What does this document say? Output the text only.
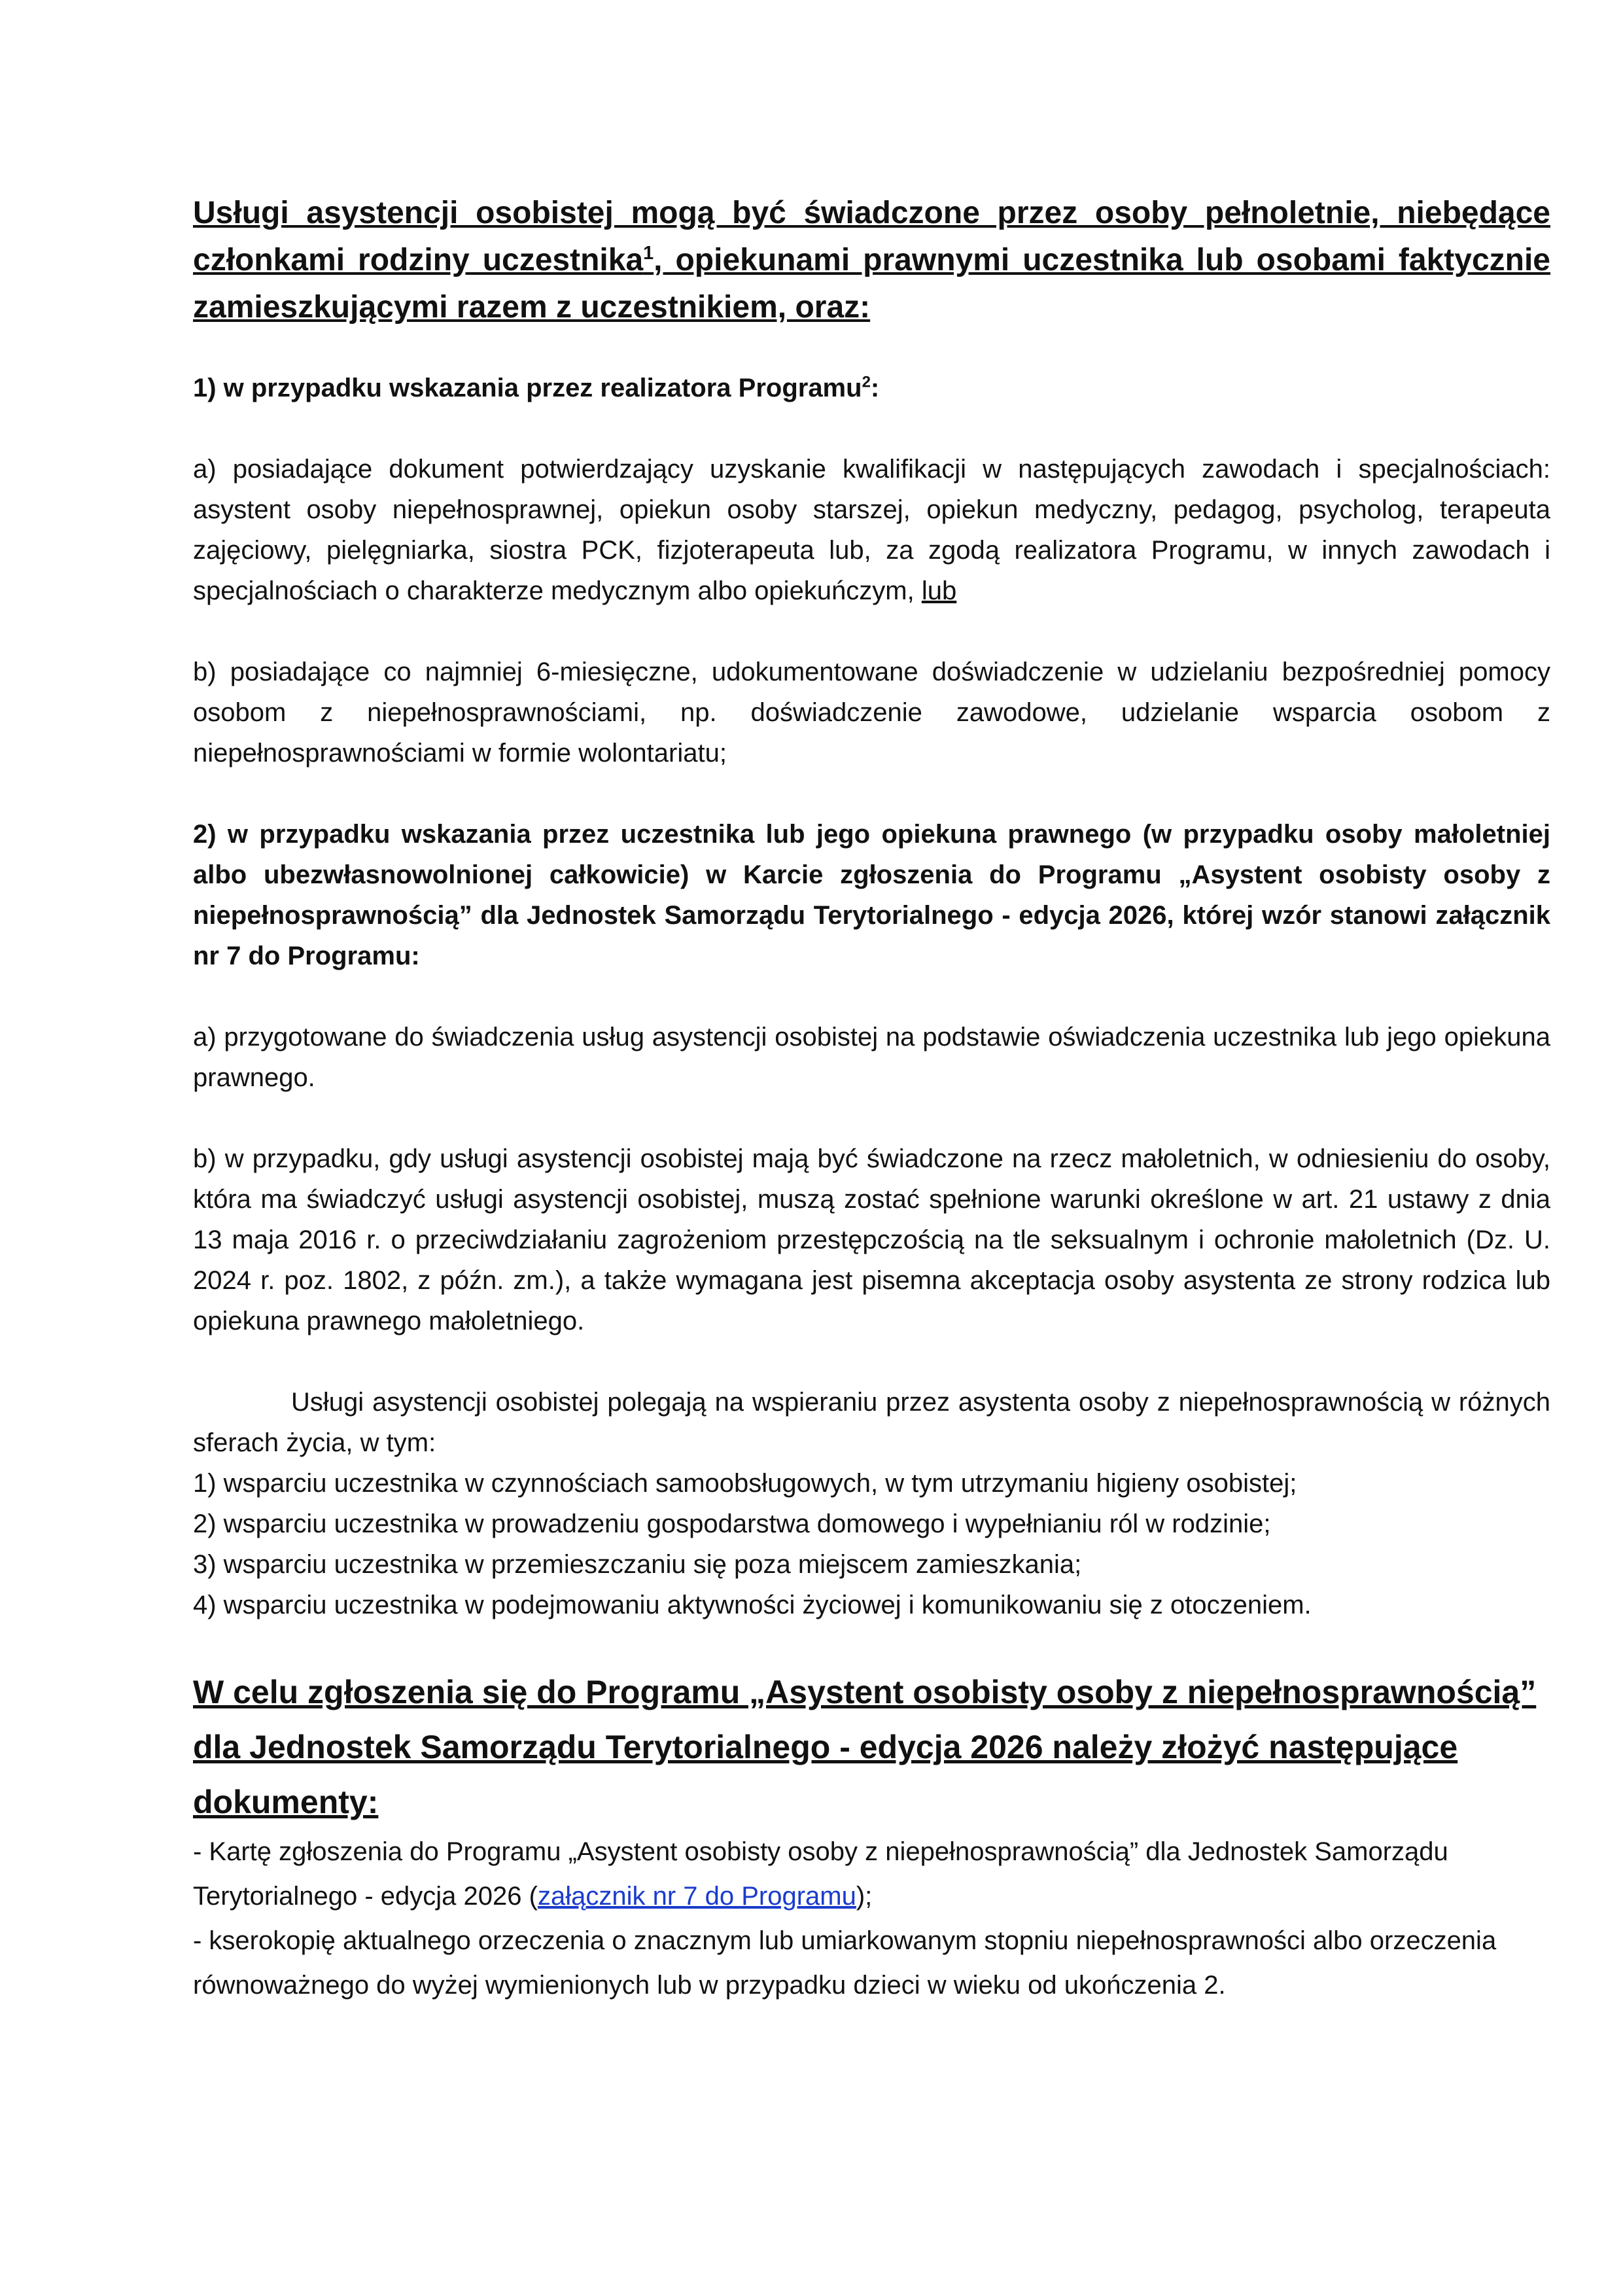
Usługi asystencji osobistej mogą być świadczone przez osoby pełnoletnie, niebędące członkami rodziny uczestnika$^1$, opiekunami prawnymi uczestnika lub osobami faktycznie zamieszkującymi razem z uczestnikiem, oraz:

1) w przypadku wskazania przez realizatora Programu$^2$:

a) posiadające dokument potwierdzający uzyskanie kwalifikacji w następujących zawodach i specjalnościach: asystent osoby niepełnosprawnej, opiekun osoby starszej, opiekun medyczny, pedagog, psycholog, terapeuta zajęciowy, pielęgniarka, siostra PCK, fizjoterapeuta lub, za zgodą realizatora Programu, w innych zawodach i specjalnościach o charakterze medycznym albo opiekuńczym, lub

b) posiadające co najmniej 6-miesięczne, udokumentowane doświadczenie w udzielaniu bezpośredniej pomocy osobom z niepełnosprawnościami, np. doświadczenie zawodowe, udzielanie wsparcia osobom z niepełnosprawnościami w formie wolontariatu;

2) w przypadku wskazania przez uczestnika lub jego opiekuna prawnego (w przypadku osoby małoletniej albo ubezwłasnowolnionej całkowicie) w Karcie zgłoszenia do Programu „Asystent osobisty osoby z niepełnosprawnością” dla Jednostek Samorządu Terytorialnego - edycja 2026, której wzór stanowi załącznik nr 7 do Programu:

a) przygotowane do świadczenia usług asystencji osobistej na podstawie oświadczenia uczestnika lub jego opiekuna prawnego.

b) w przypadku, gdy usługi asystencji osobistej mają być świadczone na rzecz małoletnich, w odniesieniu do osoby, która ma świadczyć usługi asystencji osobistej, muszą zostać spełnione warunki określone w art. 21 ustawy z dnia 13 maja 2016 r. o przeciwdziałaniu zagrożeniom przestępczością na tle seksualnym i ochronie małoletnich (Dz. U. 2024 r. poz. 1802, z późn. zm.), a także wymagana jest pisemna akceptacja osoby asystenta ze strony rodzica lub opiekuna prawnego małoletniego.

Usługi asystencji osobistej polegają na wspieraniu przez asystenta osoby z niepełnosprawnością w różnych sferach życia, w tym:

1) wsparciu uczestnika w czynnościach samoobsługowych, w tym utrzymaniu higieny osobistej;

2) wsparciu uczestnika w prowadzeniu gospodarstwa domowego i wypełnianiu ról w rodzinie;

3) wsparciu uczestnika w przemieszczaniu się poza miejscem zamieszkania;

4) wsparciu uczestnika w podejmowaniu aktywności życiowej i komunikowaniu się z otoczeniem.

W celu zgłoszenia się do Programu „Asystent osobisty osoby z niepełnosprawnością” dla Jednostek Samorządu Terytorialnego - edycja 2026 należy złożyć następujące dokumenty:

- Kartę zgłoszenia do Programu „Asystent osobisty osoby z niepełnosprawnością” dla Jednostek Samorządu Terytorialnego - edycja 2026 (załącznik nr 7 do Programu);

- kserokopię aktualnego orzeczenia o znacznym lub umiarkowanym stopniu niepełnosprawności albo orzeczenia równoważnego do wyżej wymienionych lub w przypadku dzieci w wieku od ukończenia 2.
